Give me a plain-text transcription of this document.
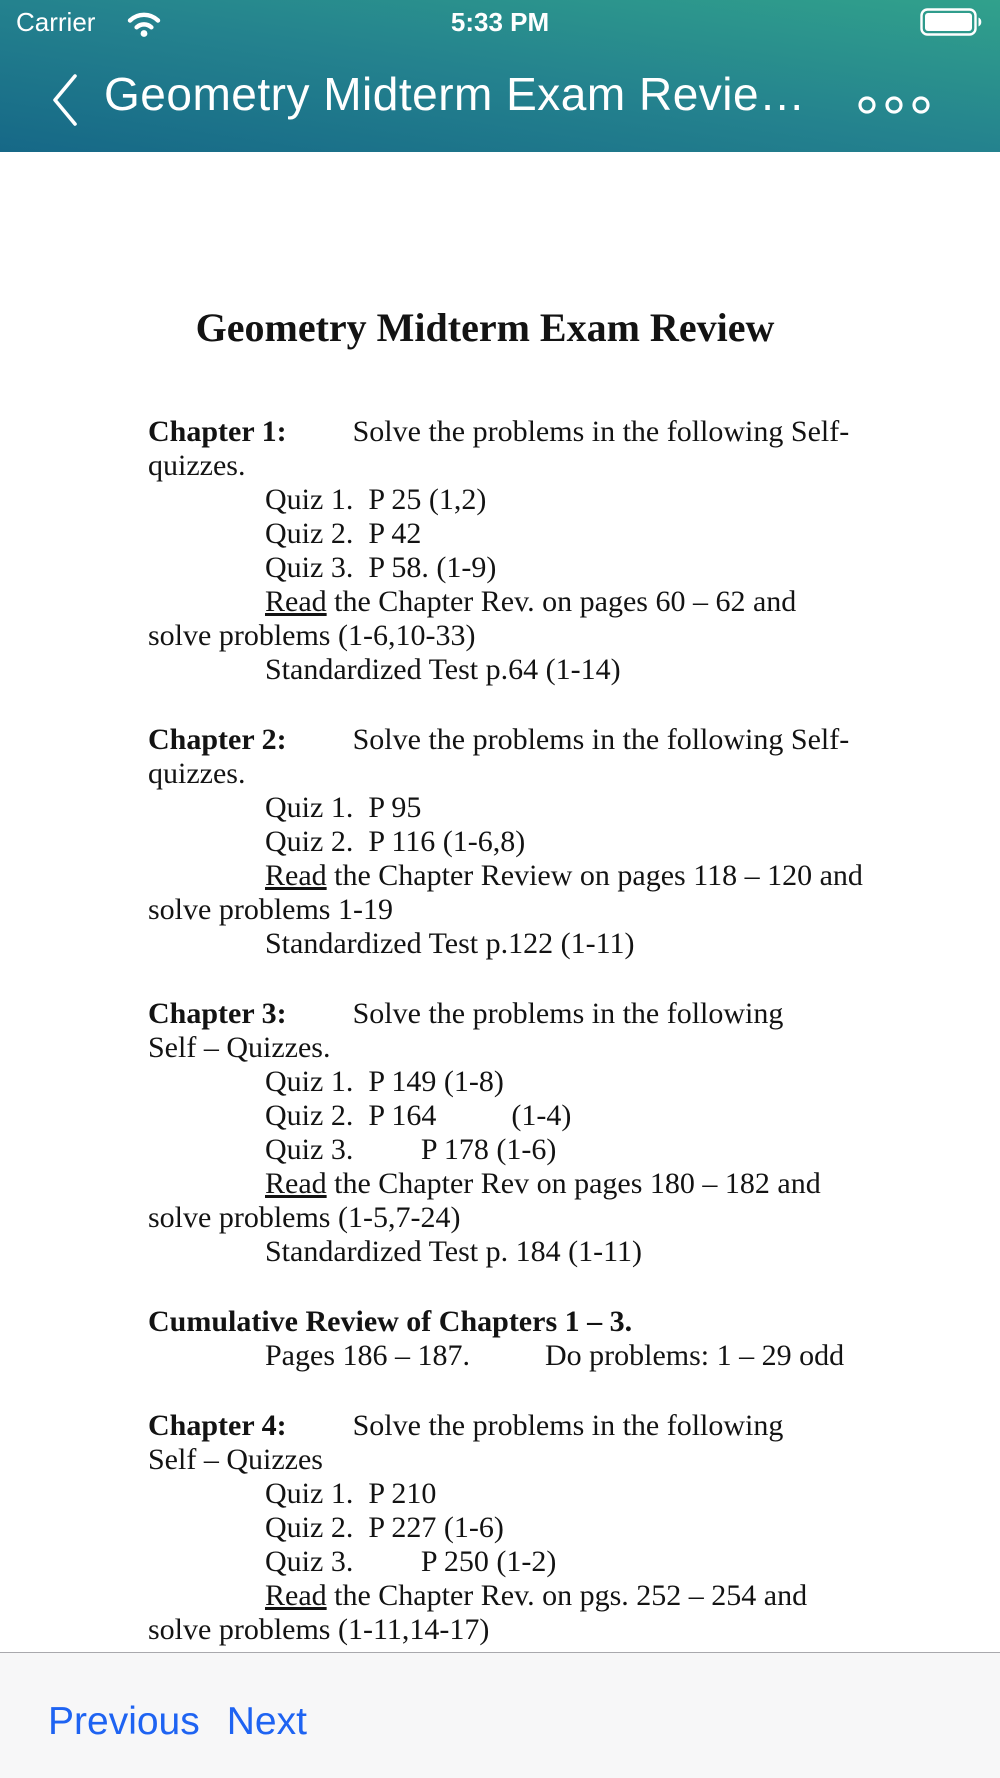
Carrier	5:33 PM
Geometry Midterm Exam Revie…
Geometry Midterm Exam Review
Chapter 1: Solve the problems in the following Self-
quizzes.
Quiz 1.  P 25 (1,2)
Quiz 2.  P 42
Quiz 3.  P 58. (1-9)
Read the Chapter Rev. on pages 60 – 62 and
solve problems (1-6,10-33)
Standardized Test p.64 (1-14)
Chapter 2: Solve the problems in the following Self-
quizzes.
Quiz 1.  P 95
Quiz 2.  P 116 (1-6,8)
Read the Chapter Review on pages 118 – 120 and
solve problems 1-19
Standardized Test p.122 (1-11)
Chapter 3: Solve the problems in the following
Self – Quizzes.
Quiz 1.  P 149 (1-8)
Quiz 2.  P 164          (1-4)
Quiz 3.         P 178 (1-6)
Read the Chapter Rev on pages 180 – 182 and
solve problems (1-5,7-24)
Standardized Test p. 184 (1-11)
Cumulative Review of Chapters 1 – 3.
Pages 186 – 187.          Do problems: 1 – 29 odd
Chapter 4: Solve the problems in the following
Self – Quizzes
Quiz 1.  P 210
Quiz 2.  P 227 (1-6)
Quiz 3.         P 250 (1-2)
Read the Chapter Rev. on pgs. 252 – 254 and
solve problems (1-11,14-17)
Previous Next
